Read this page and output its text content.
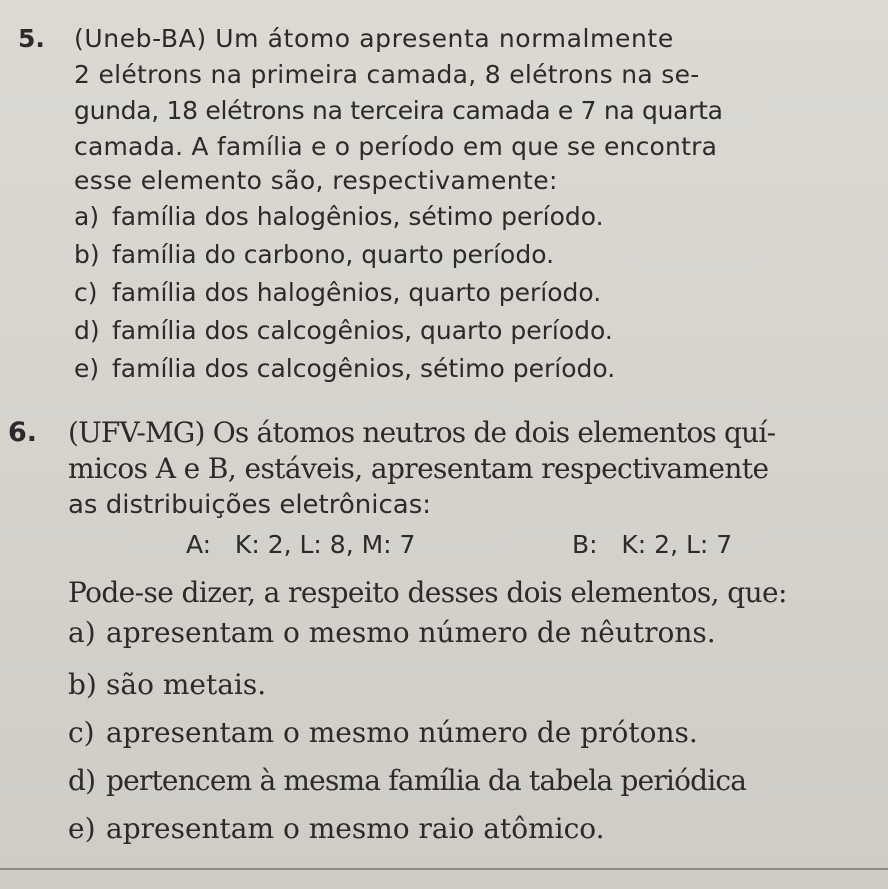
5. (Uneb-BA) Um átomo apresenta normalmente
2 elétrons na primeira camada, 8 elétrons na se-
gunda, 18 elétrons na terceira camada e 7 na quarta
camada. A família e o período em que se encontra
esse elemento são, respectivamente:
a) família dos halogênios, sétimo período.
b) família do carbono, quarto período.
c) família dos halogênios, quarto período.
d) família dos calcogênios, quarto período.
e) família dos calcogênios, sétimo período.
6. (UFV-MG) Os átomos neutros de dois elementos quí-
micos A e B, estáveis, apresentam respectivamente
as distribuições eletrônicas:
A:   K: 2, L: 8, M: 7	B:   K: 2, L: 7
Pode-se dizer, a respeito desses dois elementos, que:
a) apresentam o mesmo número de nêutrons.
b) são metais.
c) apresentam o mesmo número de prótons.
d) pertencem à mesma família da tabela periódica
e) apresentam o mesmo raio atômico.
